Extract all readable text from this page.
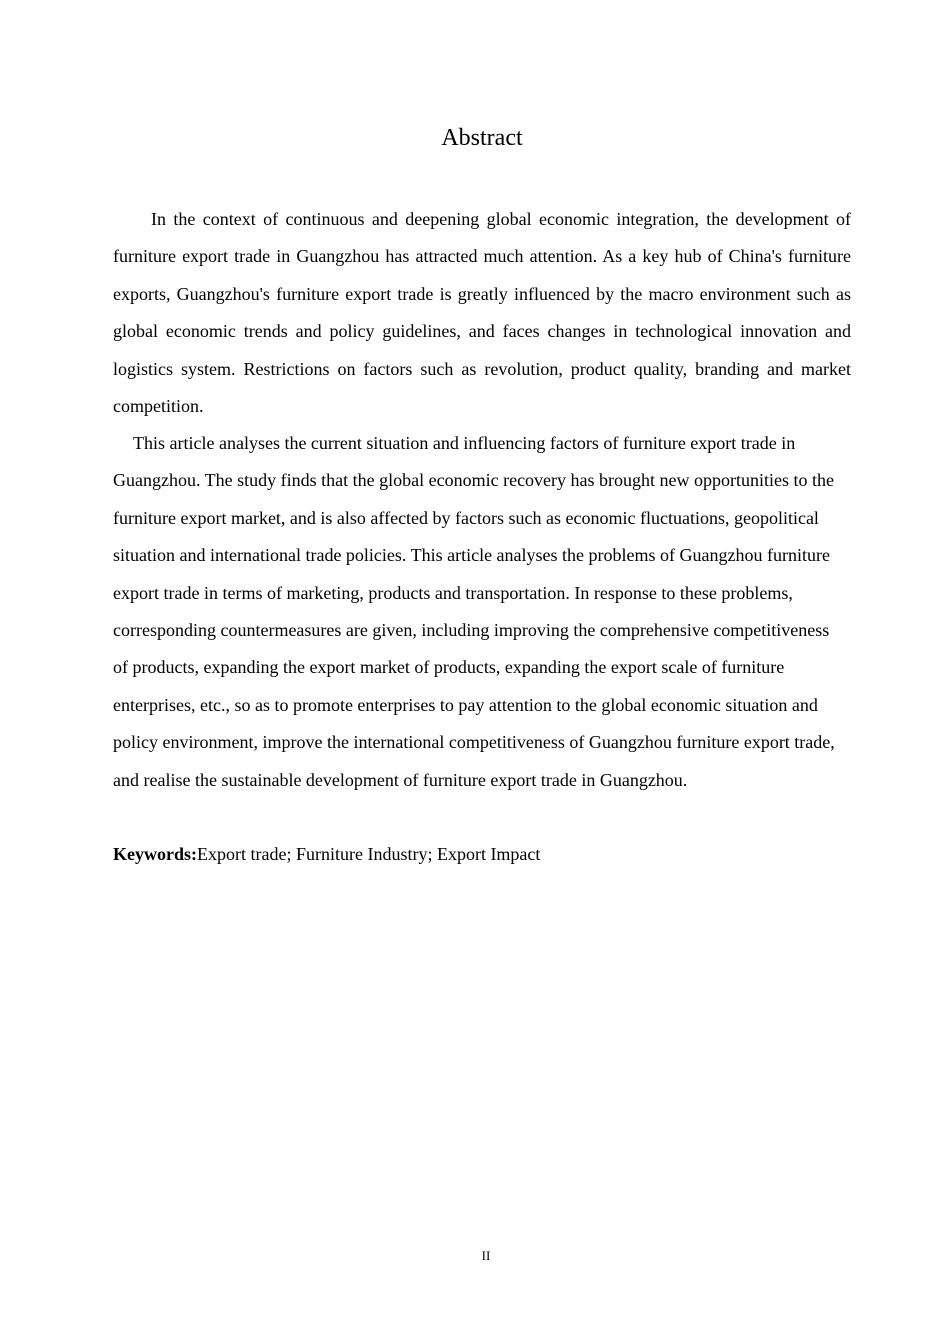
Abstract

In the context of continuous and deepening global economic integration, the development of furniture export trade in Guangzhou has attracted much attention. As a key hub of China's furniture exports, Guangzhou's furniture export trade is greatly influenced by the macro environment such as global economic trends and policy guidelines, and faces changes in technological innovation and logistics system. Restrictions on factors such as revolution, product quality, branding and market competition.

This article analyses the current situation and influencing factors of furniture export trade in Guangzhou. The study finds that the global economic recovery has brought new opportunities to the furniture export market, and is also affected by factors such as economic fluctuations, geopolitical situation and international trade policies. This article analyses the problems of Guangzhou furniture export trade in terms of marketing, products and transportation. In response to these problems, corresponding countermeasures are given, including improving the comprehensive competitiveness of products, expanding the export market of products, expanding the export scale of furniture enterprises, etc., so as to promote enterprises to pay attention to the global economic situation and policy environment, improve the international competitiveness of Guangzhou furniture export trade, and realise the sustainable development of furniture export trade in Guangzhou.

Keywords:Export trade; Furniture Industry; Export Impact

II
